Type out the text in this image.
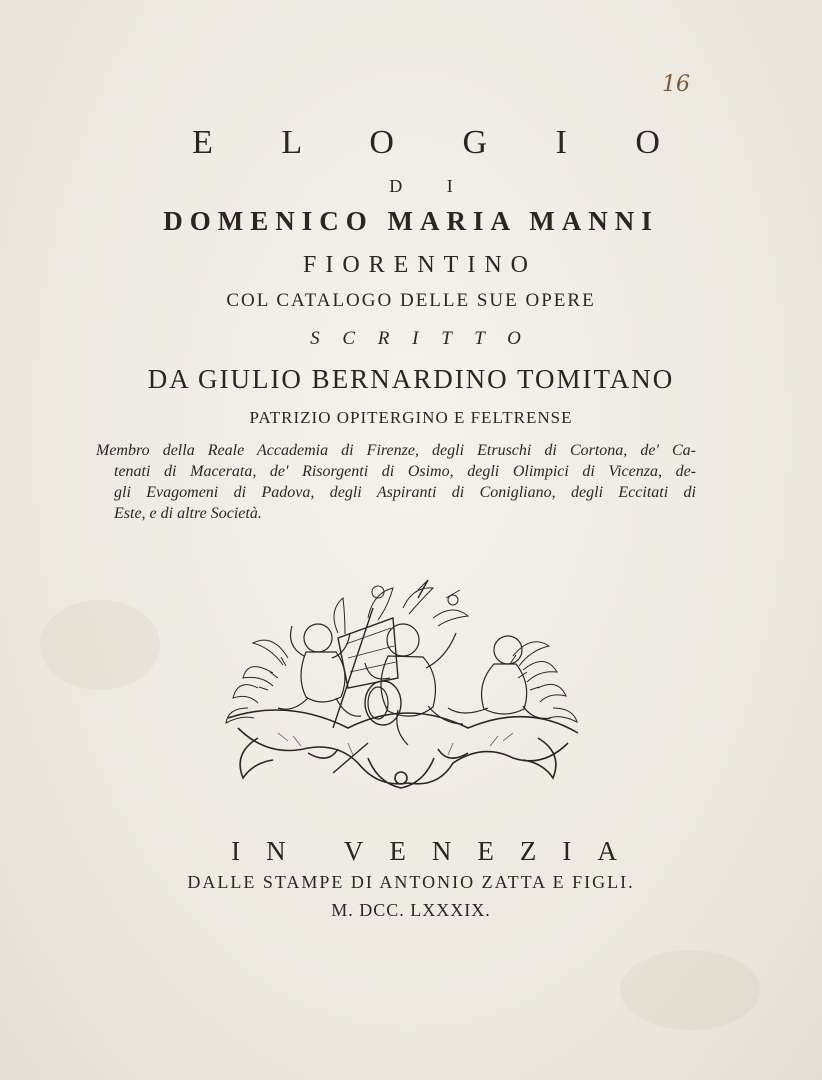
16
E L O G I O
D I
DOMENICO MARIA MANNI
FIORENTINO
COL CATALOGO DELLE SUE OPERE
S C R I T T O
DA GIULIO BERNARDINO TOMITANO
PATRIZIO OPITERGINO E FELTRENSE
Membro della Reale Accademia di Firenze, degli Etruschi di Cortona, de' Ca-
tenati di Macerata, de' Risorgenti di Osimo, degli Olimpici di Vicenza, de-
gli Evagomeni di Padova, degli Aspiranti di Conigliano, degli Eccitati di
Este, e di altre Società.
IN VENEZIA
DALLE STAMPE DI ANTONIO ZATTA E FIGLI.
M. DCC. LXXXIX.
